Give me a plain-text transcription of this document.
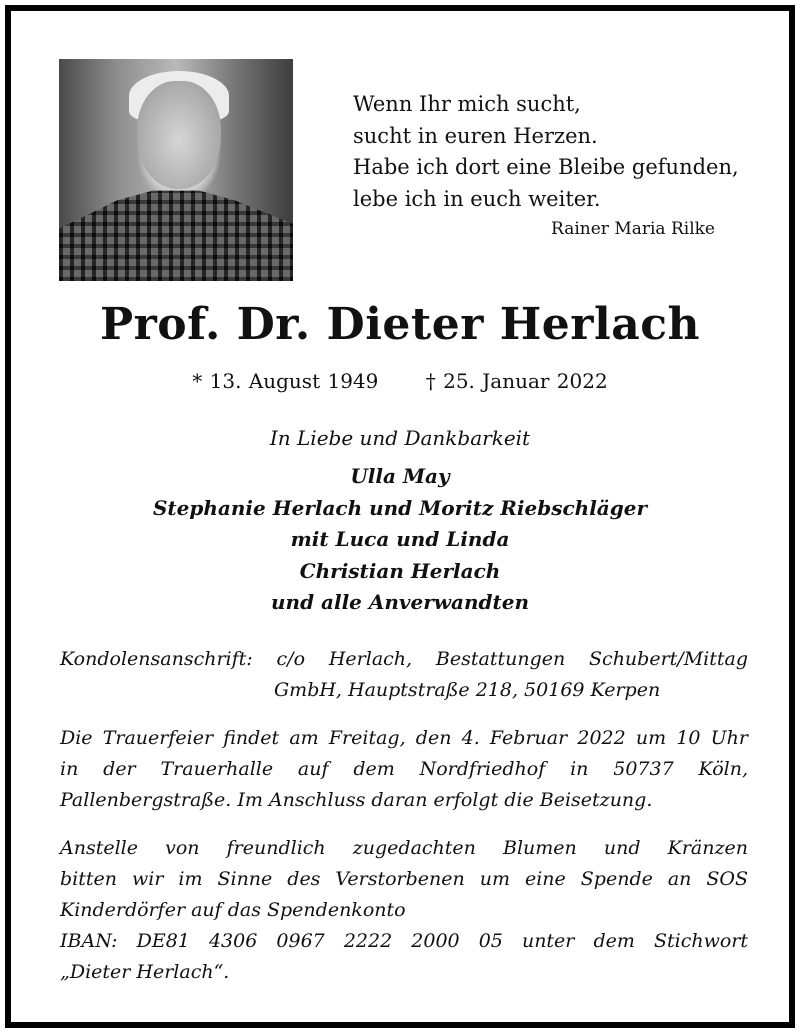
Wenn Ihr mich sucht,
sucht in euren Herzen.
Habe ich dort eine Bleibe gefunden,
lebe ich in euch weiter.
Rainer Maria Rilke
Prof. Dr. Dieter Herlach
* 13. August 1949 † 25. Januar 2022
In Liebe und Dankbarkeit
Ulla May
Stephanie Herlach und Moritz Riebschläger
mit Luca und Linda
Christian Herlach
und alle Anverwandten
Kondolensanschrift: c/o Herlach, Bestattungen Schubert/Mittag
GmbH, Hauptstraße 218, 50169 Kerpen
Die Trauerfeier findet am Freitag, den 4. Februar 2022 um 10 Uhr
in der Trauerhalle auf dem Nordfriedhof in 50737 Köln,
Pallenbergstraße. Im Anschluss daran erfolgt die Beisetzung.
Anstelle von freundlich zugedachten Blumen und Kränzen
bitten wir im Sinne des Verstorbenen um eine Spende an SOS
Kinderdörfer auf das Spendenkonto
IBAN: DE81 4306 0967 2222 2000 05 unter dem Stichwort
„Dieter Herlach“.
